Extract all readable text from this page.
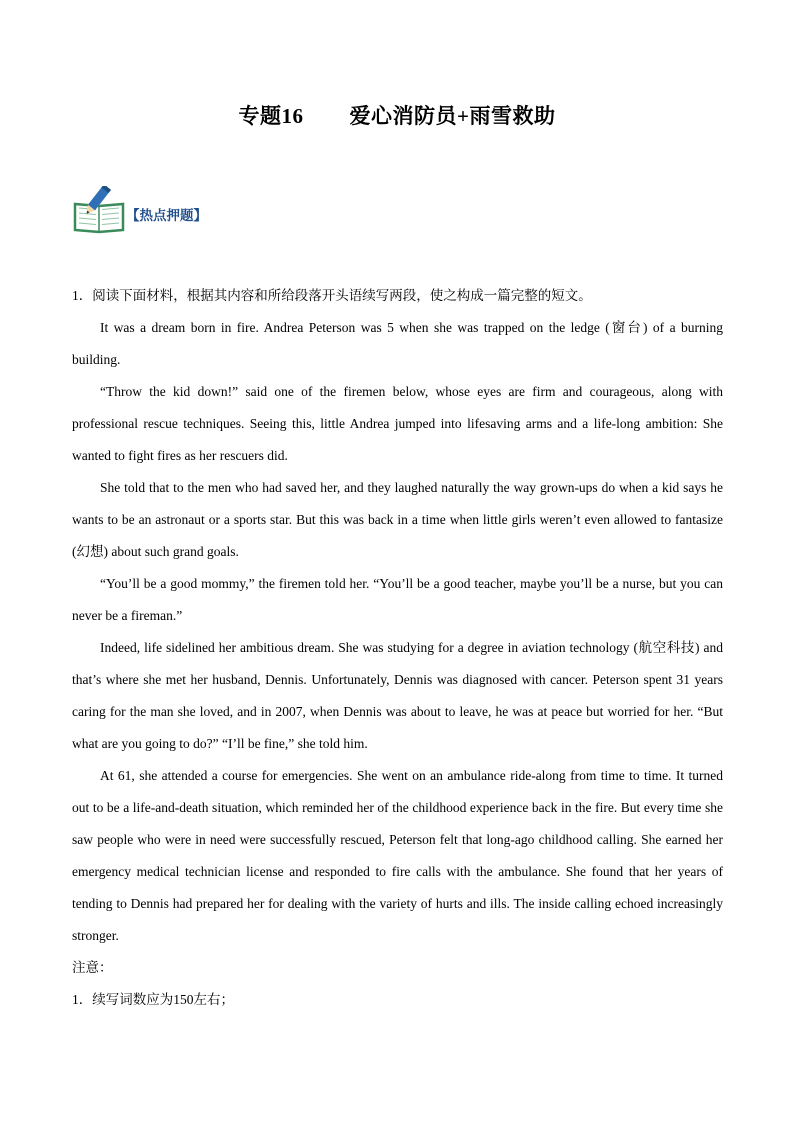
专题16 爱心消防员+雨雪救助
【热点押题】
1．阅读下面材料，根据其内容和所给段落开头语续写两段，使之构成一篇完整的短文。

It was a dream born in fire. Andrea Peterson was 5 when she was trapped on the ledge (窗台) of a burning building.

“Throw the kid down!” said one of the firemen below, whose eyes are firm and courageous, along with professional rescue techniques. Seeing this, little Andrea jumped into lifesaving arms and a life-long ambition: She wanted to fight fires as her rescuers did.

She told that to the men who had saved her, and they laughed naturally the way grown-ups do when a kid says he wants to be an astronaut or a sports star. But this was back in a time when little girls weren’t even allowed to fantasize (幻想) about such grand goals.

“You’ll be a good mommy,” the firemen told her. “You’ll be a good teacher, maybe you’ll be a nurse, but you can never be a fireman.”

Indeed, life sidelined her ambitious dream. She was studying for a degree in aviation technology (航空科技) and that’s where she met her husband, Dennis. Unfortunately, Dennis was diagnosed with cancer. Peterson spent 31 years caring for the man she loved, and in 2007, when Dennis was about to leave, he was at peace but worried for her. “But what are you going to do?” “I’ll be fine,” she told him.

At 61, she attended a course for emergencies. She went on an ambulance ride-along from time to time. It turned out to be a life-and-death situation, which reminded her of the childhood experience back in the fire. But every time she saw people who were in need were successfully rescued, Peterson felt that long-ago childhood calling. She earned her emergency medical technician license and responded to fire calls with the ambulance. She found that her years of tending to Dennis had prepared her for dealing with the variety of hurts and ills. The inside calling echoed increasingly stronger.

注意：
1．续写词数应为150左右；
